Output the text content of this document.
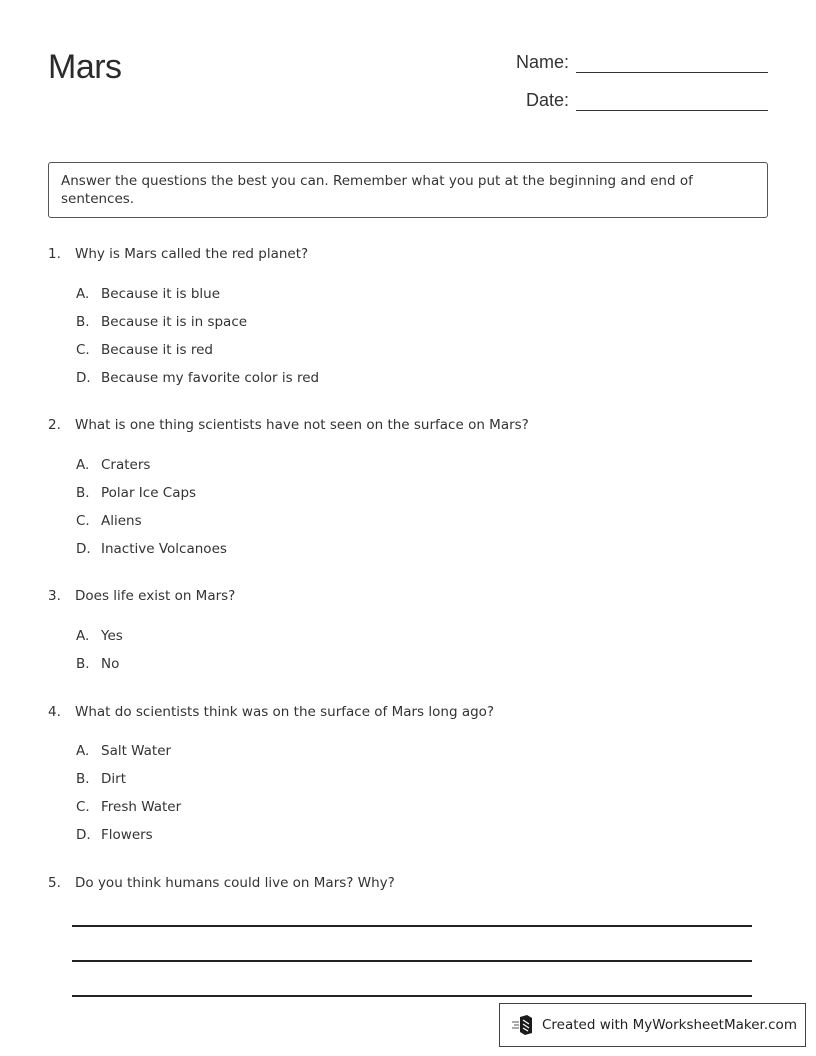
Mars	Name:
Date:
Answer the questions the best you can. Remember what you put at the beginning and end of sentences.
1.	Why is Mars called the red planet?
A. Because it is blue
B. Because it is in space
C. Because it is red
D. Because my favorite color is red
2.	What is one thing scientists have not seen on the surface on Mars?
A. Craters
B. Polar Ice Caps
C. Aliens
D. Inactive Volcanoes
3.	Does life exist on Mars?
A. Yes
B. No
4.	What do scientists think was on the surface of Mars long ago?
A. Salt Water
B. Dirt
C. Fresh Water
D. Flowers
5.	Do you think humans could live on Mars? Why?
Created with MyWorksheetMaker.com
